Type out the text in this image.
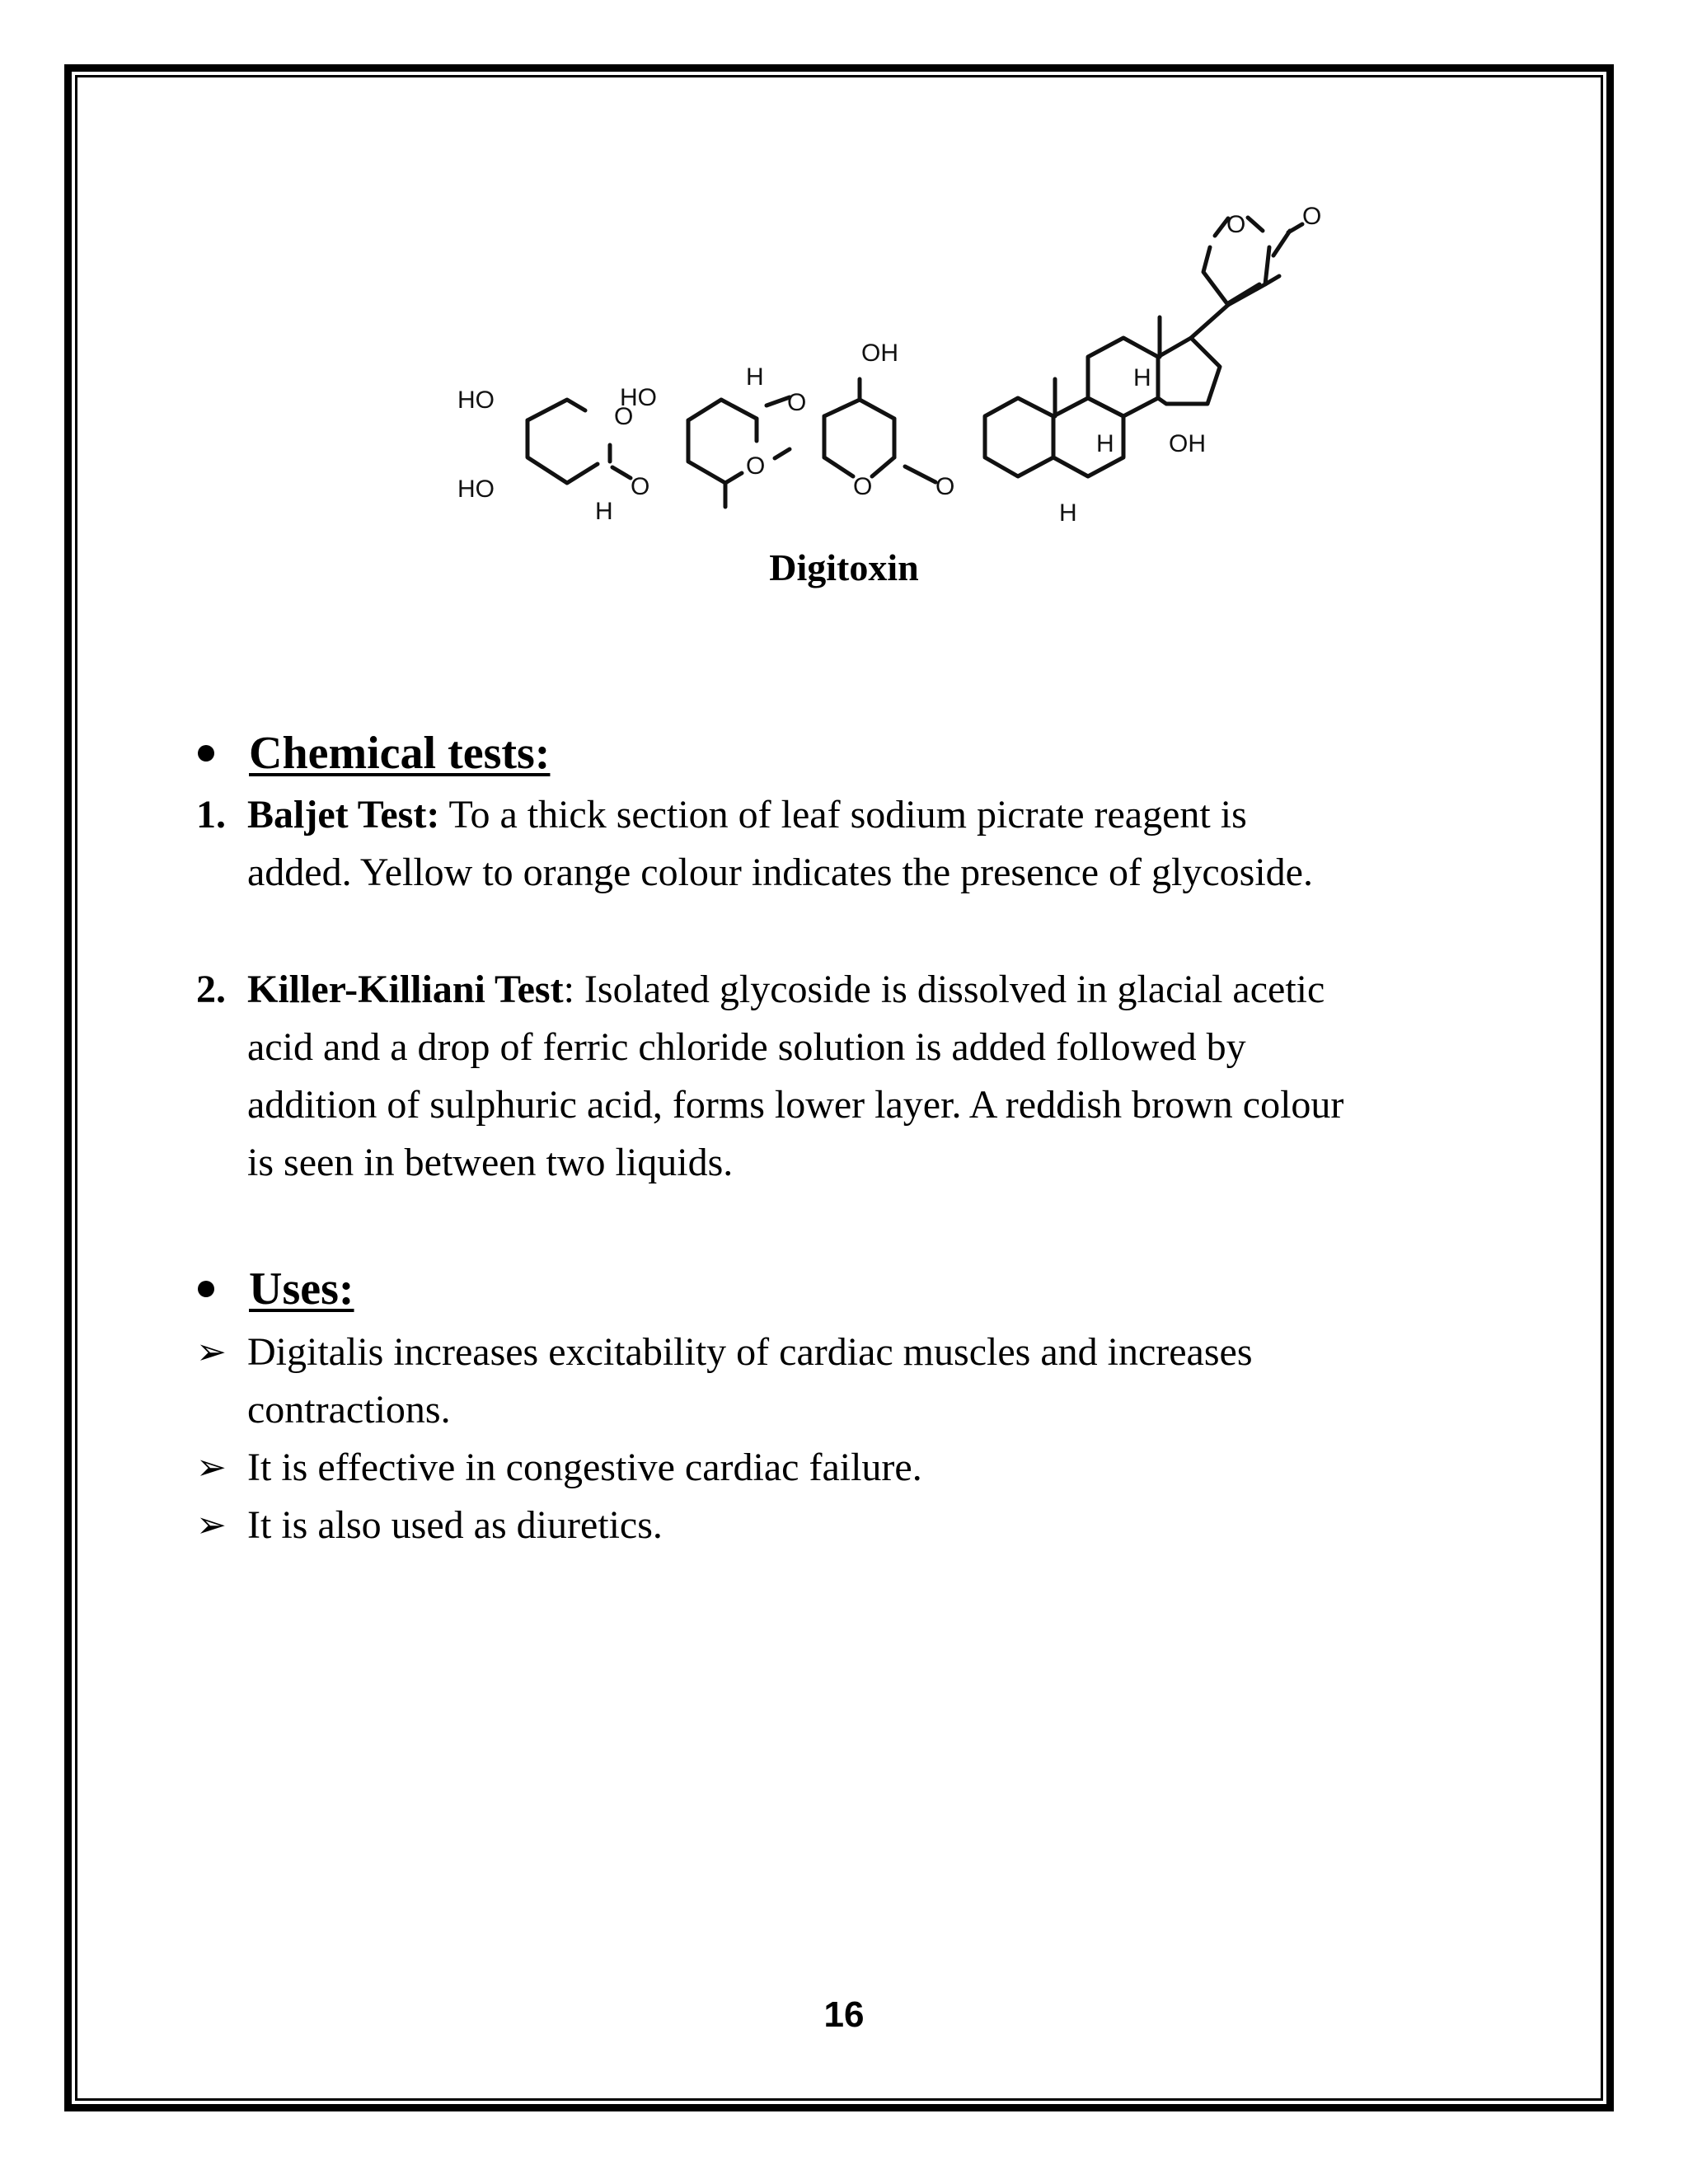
HO
HO
O
O
HO
O
O
OH
O	O
H
H
H
H
H
OH
O O
Digitoxin
Chemical tests:
1. Baljet Test: To a thick section of leaf sodium picrate reagent is
added. Yellow to orange colour indicates the presence of glycoside.
2. Killer-Killiani Test: Isolated glycoside is dissolved in glacial acetic
acid and a drop of ferric chloride solution is added followed by
addition of sulphuric acid, forms lower layer. A reddish brown colour
is seen in between two liquids.
Uses:
➢ Digitalis increases excitability of cardiac muscles and increases
contractions.
➢ It is effective in congestive cardiac failure.
➢ It is also used as diuretics.
16
